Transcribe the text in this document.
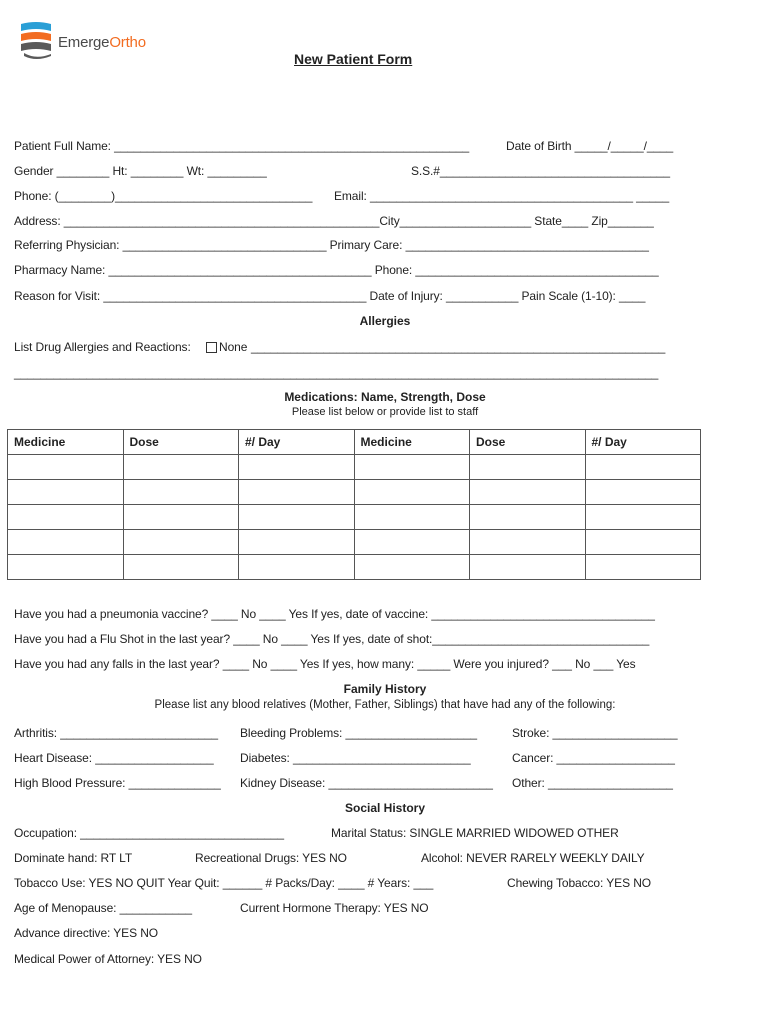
EmergeOrtho
New Patient Form
Patient Full Name: ______________________________________________________	Date of Birth _____/_____/____
Gender ________ Ht: ________ Wt: _________	S.S.#___________________________________
Phone: (________)______________________________ Email: ________________________________________ _____
Address: ________________________________________________City____________________ State____ Zip_______
Referring Physician: _______________________________ Primary Care: _____________________________________
Pharmacy Name: ________________________________________ Phone: _____________________________________
Reason for Visit: ________________________________________ Date of Injury: ___________ Pain Scale (1-10): ____
Allergies
List Drug Allergies and Reactions: None _______________________________________________________________
__________________________________________________________________________________________________
Medications: Name, Strength, Dose
Please list below or provide list to staff
Medicine	Dose	#/ Day	Medicine	Dose	#/ Day

Have you had a pneumonia vaccine? ____ No ____ Yes If yes, date of vaccine: __________________________________
Have you had a Flu Shot in the last year? ____ No ____ Yes If yes, date of shot:_________________________________
Have you had any falls in the last year? ____ No ____ Yes If yes, how many: _____ Were you injured? ___ No ___ Yes
Family History
Please list any blood relatives (Mother, Father, Siblings) that have had any of the following:
Arthritis: ________________________ Bleeding Problems: ____________________	Stroke: ___________________
Heart Disease: __________________ Diabetes: ___________________________	Cancer: __________________
High Blood Pressure: ______________ Kidney Disease: _________________________ Other: ___________________
Social History
Occupation: _______________________________	Marital Status: SINGLE MARRIED WIDOWED OTHER
Dominate hand: RT LT	Recreational Drugs: YES NO	Alcohol: NEVER RARELY WEEKLY DAILY
Tobacco Use: YES NO QUIT Year Quit: ______ # Packs/Day: ____ # Years: ___	Chewing Tobacco: YES NO
Age of Menopause: ___________	Current Hormone Therapy: YES NO
Advance directive: YES NO
Medical Power of Attorney: YES NO
